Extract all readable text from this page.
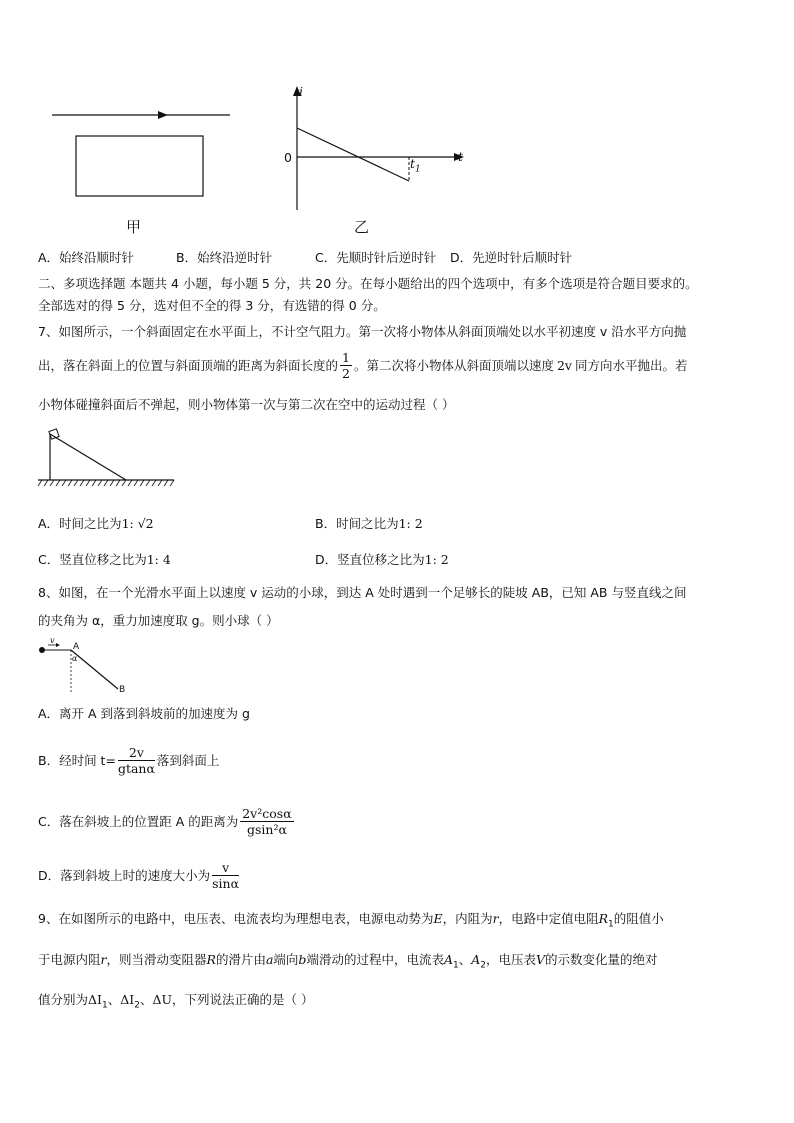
甲
i
t
0	$t_1$
乙
A．始终沿顺时针	B．始终沿逆时针	C．先顺时针后逆时针 D．先逆时针后顺时针
二、多项选择题 本题共 4 小题，每小题 5 分，共 20 分。在每小题给出的四个选项中，有多个选项是符合题目要求的。
全部选对的得 5 分，选对但不全的得 3 分，有选错的得 0 分。
7、如图所示，一个斜面固定在水平面上，不计空气阻力。第一次将小物体从斜面顶端处以水平初速度 v 沿水平方向抛
出，落在斜面上的位置与斜面顶端的距离为斜面长度的 $\frac{1}{2}$ 。第二次将小物体从斜面顶端以速度 2v 同方向水平抛出。若
小物体碰撞斜面后不弹起，则小物体第一次与第二次在空中的运动过程（ ）
A．时间之比为1: √2	B．时间之比为1: 2
C．竖直位移之比为1: 4	D．竖直位移之比为1: 2
8、如图，在一个光滑水平面上以速度 v 运动的小球，到达 A 处时遇到一个足够长的陡坡 AB，已知 AB 与竖直线之间
的夹角为 α，重力加速度取 g。则小球（ ）
v
A
α
B
A．离开 A 到落到斜坡前的加速度为 g
B．经时间 $t= \frac{2v}{gtan\alpha}$ 落到斜面上
C．落在斜坡上的位置距 A 的距离为 $\frac{\text{2v²cosα}}{\text{gsin²α}}$
D．落到斜坡上时的速度大小为 $\frac{v}{\sin\alpha}$
9、在如图所示的电路中，电压表、电流表均为理想电表，电源电动势为E，内阻为r，电路中定值电阻$R_1$的阻值小
于电源内阻r，则当滑动变阻器R的滑片由a端向b端滑动的过程中，电流表$A_1$、$A_2$，电压表V的示数变化量的绝对
值分别为$\Delta I_1$、$\Delta I_2$、ΔU，下列说法正确的是（ ）
